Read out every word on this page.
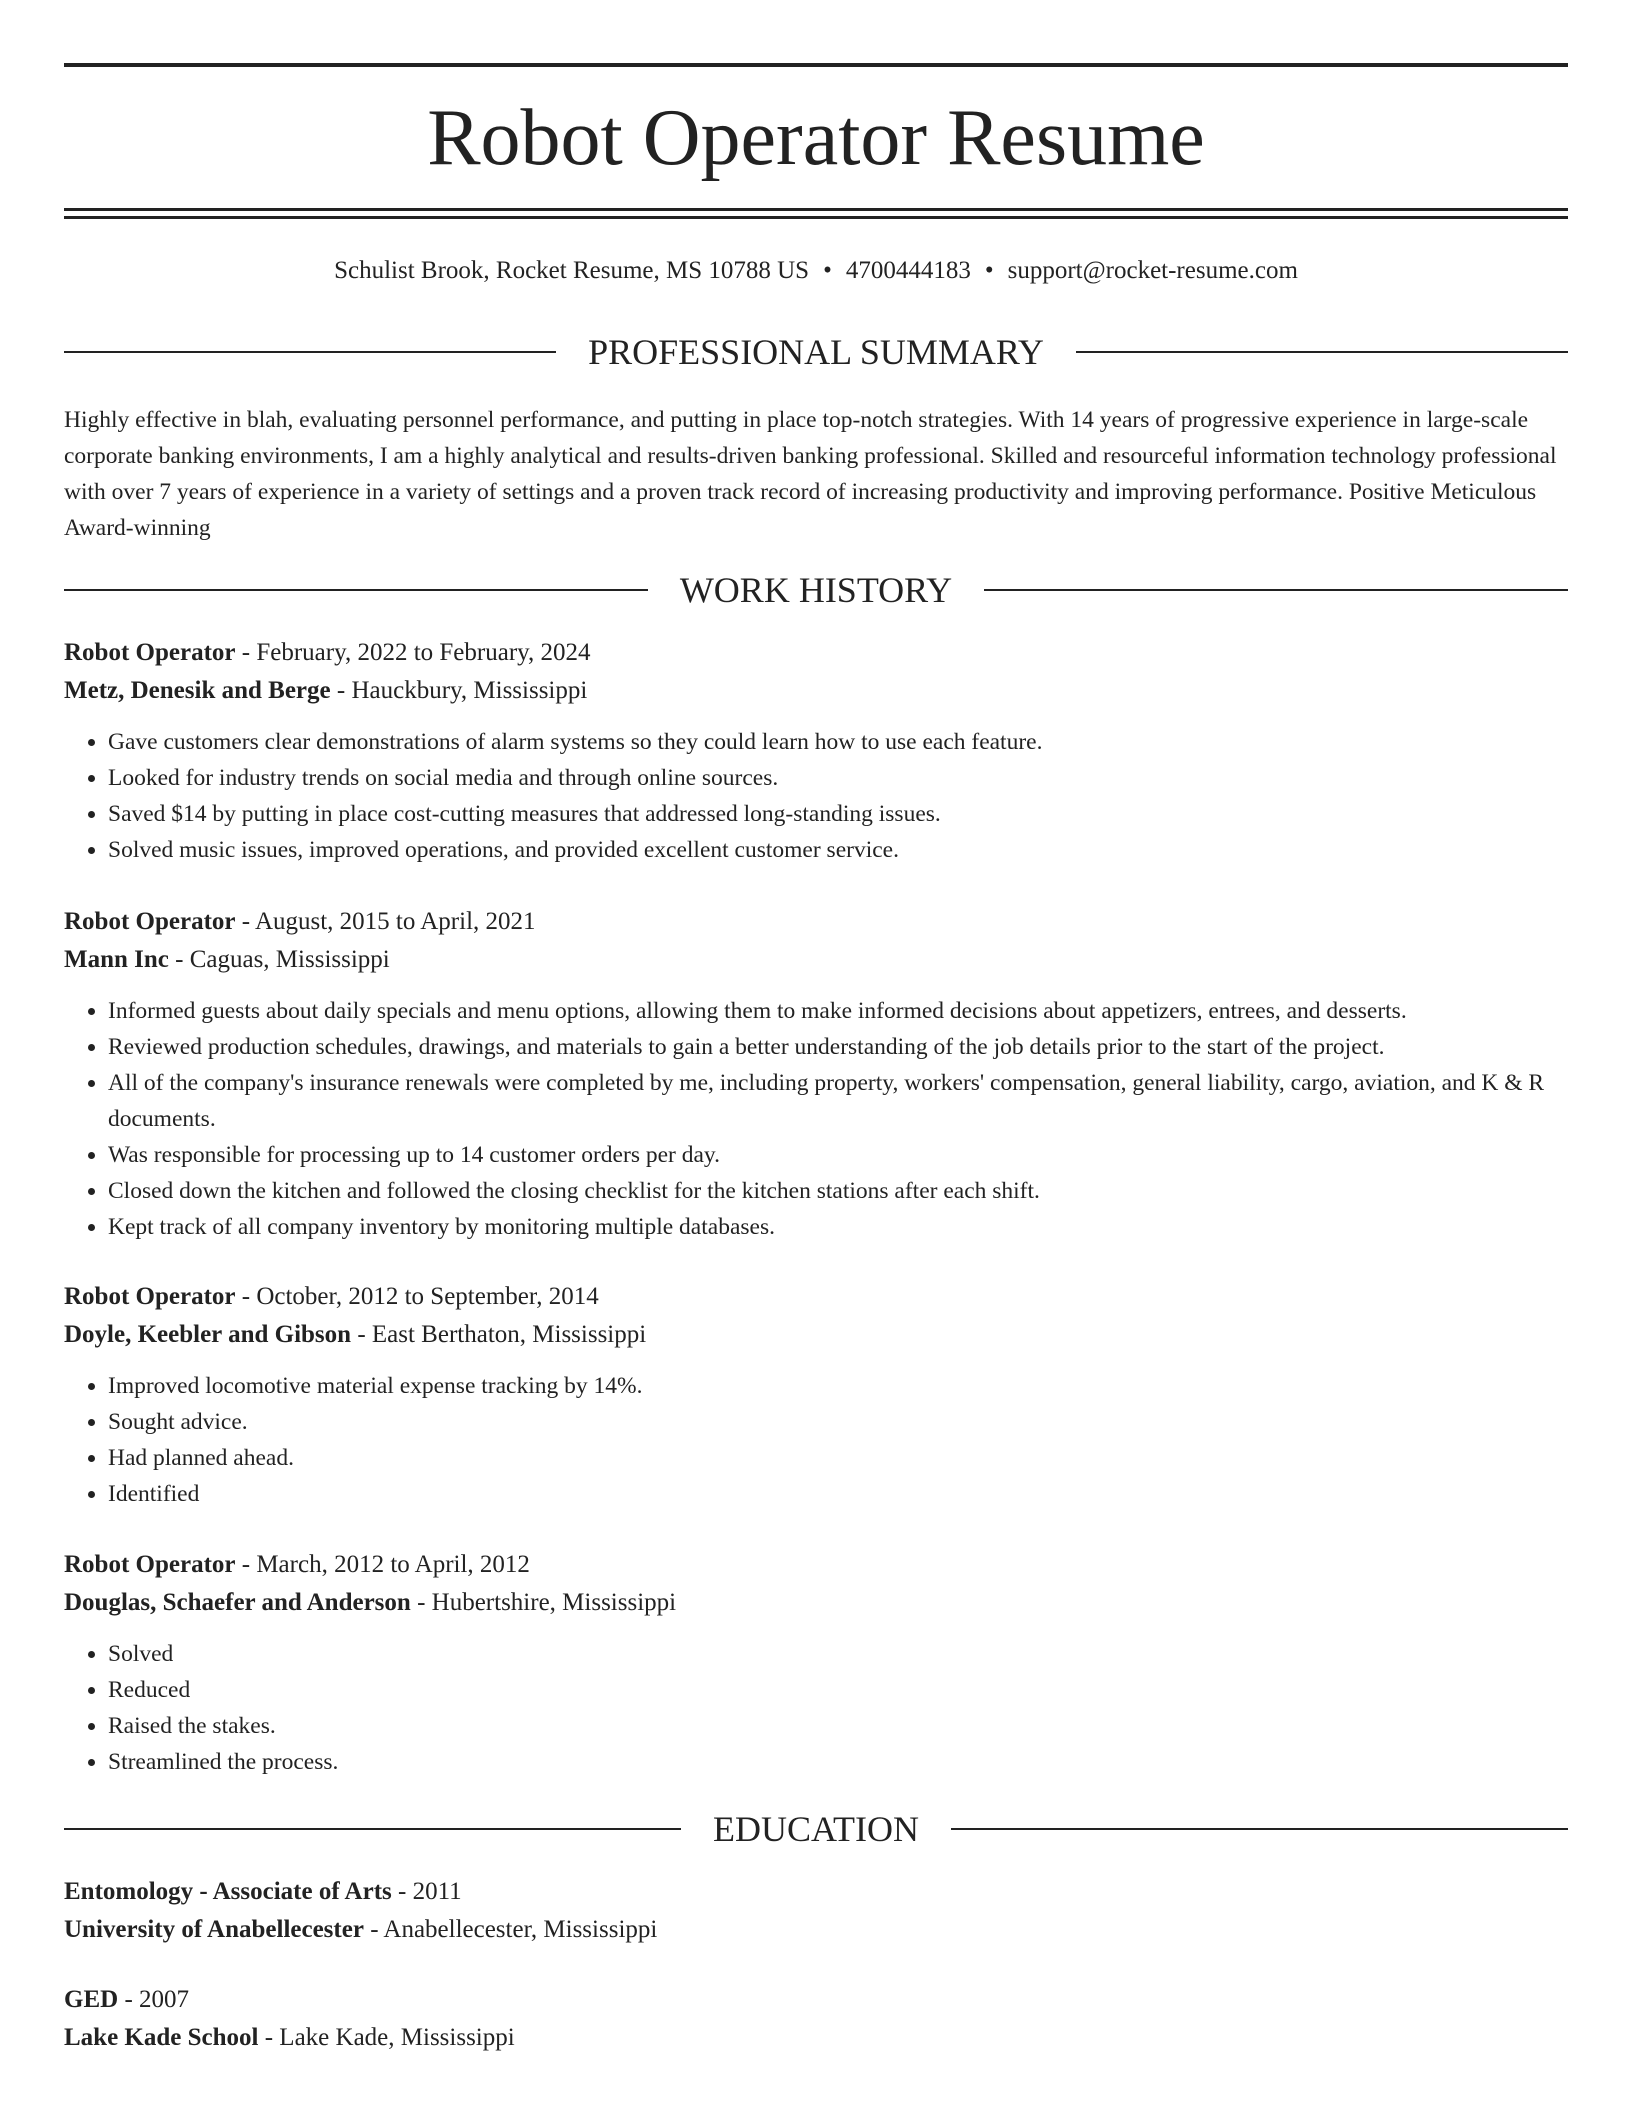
Robot Operator Resume
Schulist Brook, Rocket Resume, MS 10788 US • 4700444183 • support@rocket-resume.com
PROFESSIONAL SUMMARY

Highly effective in blah, evaluating personnel performance, and putting in place top-notch strategies. With 14 years of progressive experience in large-scale corporate banking environments, I am a highly analytical and results-driven banking professional. Skilled and resourceful information technology professional with over 7 years of experience in a variety of settings and a proven track record of increasing productivity and improving performance. Positive Meticulous Award-winning

WORK HISTORY

Robot Operator - February, 2022 to February, 2024

Metz, Denesik and Berge - Hauckbury, Mississippi

• Gave customers clear demonstrations of alarm systems so they could learn how to use each feature.
• Looked for industry trends on social media and through online sources.
• Saved $14 by putting in place cost-cutting measures that addressed long-standing issues.
• Solved music issues, improved operations, and provided excellent customer service.

Robot Operator - August, 2015 to April, 2021

Mann Inc - Caguas, Mississippi

• Informed guests about daily specials and menu options, allowing them to make informed decisions about appetizers, entrees, and desserts.
• Reviewed production schedules, drawings, and materials to gain a better understanding of the job details prior to the start of the project.
• All of the company's insurance renewals were completed by me, including property, workers' compensation, general liability, cargo, aviation, and K & R documents.
• Was responsible for processing up to 14 customer orders per day.
• Closed down the kitchen and followed the closing checklist for the kitchen stations after each shift.
• Kept track of all company inventory by monitoring multiple databases.

Robot Operator - October, 2012 to September, 2014

Doyle, Keebler and Gibson - East Berthaton, Mississippi

• Improved locomotive material expense tracking by 14%.
• Sought advice.
• Had planned ahead.
• Identified

Robot Operator - March, 2012 to April, 2012

Douglas, Schaefer and Anderson - Hubertshire, Mississippi

• Solved
• Reduced
• Raised the stakes.
• Streamlined the process.
EDUCATION

Entomology - Associate of Arts - 2011

University of Anabellecester - Anabellecester, Mississippi

GED - 2007

Lake Kade School - Lake Kade, Mississippi
